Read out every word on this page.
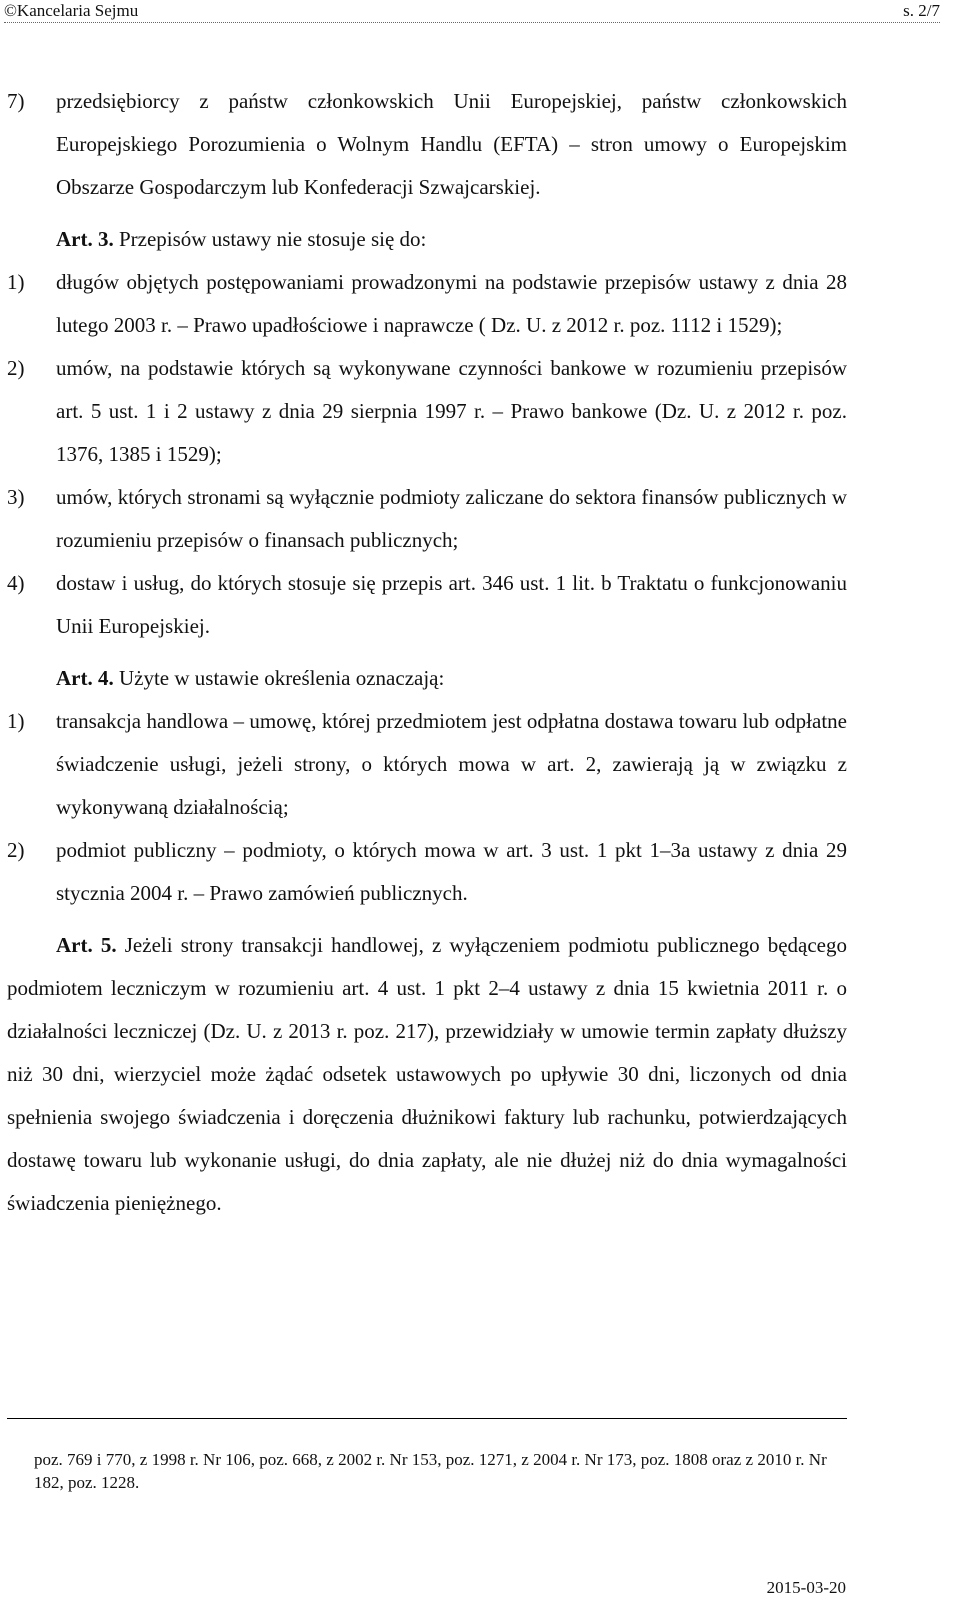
©Kancelaria Sejmu	s. 2/7
7)	przedsiębiorcy z państw członkowskich Unii Europejskiej, państw członkowskich Europejskiego Porozumienia o Wolnym Handlu (EFTA) – stron umowy o Europejskim Obszarze Gospodarczym lub Konfederacji Szwajcarskiej.
Art. 3. Przepisów ustawy nie stosuje się do:
1)	długów objętych postępowaniami prowadzonymi na podstawie przepisów ustawy z dnia 28 lutego 2003 r. – Prawo upadłościowe i naprawcze ( Dz. U. z 2012 r. poz. 1112 i 1529);
2)	umów, na podstawie których są wykonywane czynności bankowe w rozumieniu przepisów art. 5 ust. 1 i 2 ustawy z dnia 29 sierpnia 1997 r. – Prawo bankowe (Dz. U. z 2012 r. poz. 1376, 1385 i 1529);
3)	umów, których stronami są wyłącznie podmioty zaliczane do sektora finansów publicznych w rozumieniu przepisów o finansach publicznych;
4)	dostaw i usług, do których stosuje się przepis art. 346 ust. 1 lit. b Traktatu o funkcjonowaniu Unii Europejskiej.
Art. 4. Użyte w ustawie określenia oznaczają:
1)	transakcja handlowa – umowę, której przedmiotem jest odpłatna dostawa towaru lub odpłatne świadczenie usługi, jeżeli strony, o których mowa w art. 2, zawierają ją w związku z wykonywaną działalnością;
2)	podmiot publiczny – podmioty, o których mowa w art. 3 ust. 1 pkt 1–3a ustawy z dnia 29 stycznia 2004 r. – Prawo zamówień publicznych.
Art. 5. Jeżeli strony transakcji handlowej, z wyłączeniem podmiotu publicznego będącego podmiotem leczniczym w rozumieniu art. 4 ust. 1 pkt 2–4 ustawy z dnia 15 kwietnia 2011 r. o działalności leczniczej (Dz. U. z 2013 r. poz. 217), przewidziały w umowie termin zapłaty dłuższy niż 30 dni, wierzyciel może żądać odsetek ustawowych po upływie 30 dni, liczonych od dnia spełnienia swojego świadczenia i doręczenia dłużnikowi faktury lub rachunku, potwierdzających dostawę towaru lub wykonanie usługi, do dnia zapłaty, ale nie dłużej niż do dnia wymagalności świadczenia pieniężnego.
poz. 769 i 770, z 1998 r. Nr 106, poz. 668, z 2002 r. Nr 153, poz. 1271, z 2004 r. Nr 173, poz. 1808 oraz z 2010 r. Nr 182, poz. 1228.
2015-03-20
